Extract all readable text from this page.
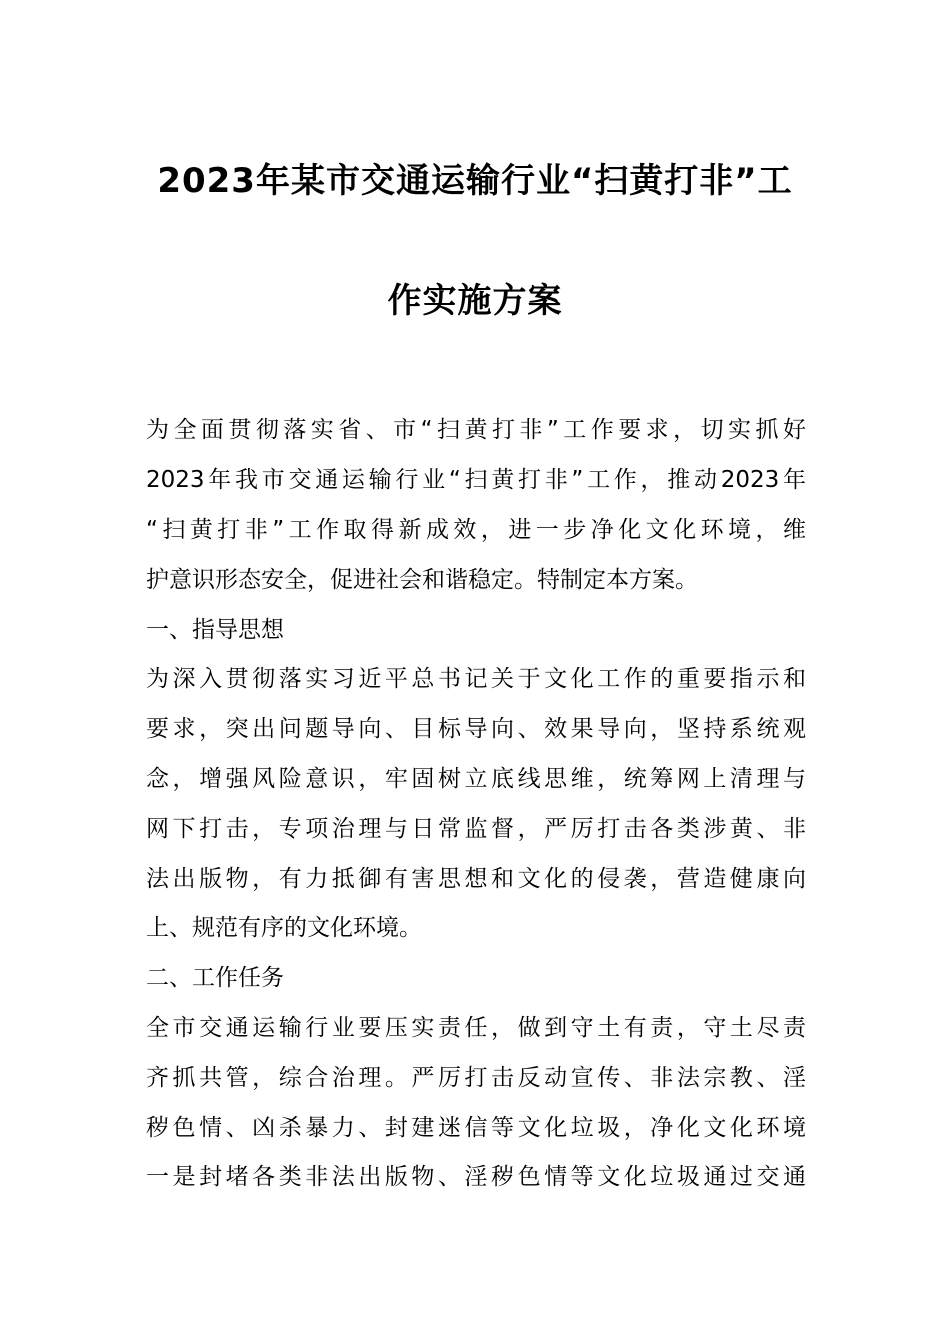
2023年某市交通运输行业“扫黄打非”工
作实施方案
为全面贯彻落实省、市“扫黄打非”工作要求，切实抓好
2023年我市交通运输行业“扫黄打非”工作，推动2023年
“扫黄打非”工作取得新成效，进一步净化文化环境，维
护意识形态安全，促进社会和谐稳定。特制定本方案。
一、指导思想
为深入贯彻落实习近平总书记关于文化工作的重要指示和
要求，突出问题导向、目标导向、效果导向，坚持系统观
念，增强风险意识，牢固树立底线思维，统筹网上清理与
网下打击，专项治理与日常监督，严厉打击各类涉黄、非
法出版物，有力抵御有害思想和文化的侵袭，营造健康向
上、规范有序的文化环境。
二、工作任务
全市交通运输行业要压实责任，做到守土有责，守土尽责
齐抓共管，综合治理。严厉打击反动宣传、非法宗教、淫
秽色情、凶杀暴力、封建迷信等文化垃圾，净化文化环境
一是封堵各类非法出版物、淫秽色情等文化垃圾通过交通
